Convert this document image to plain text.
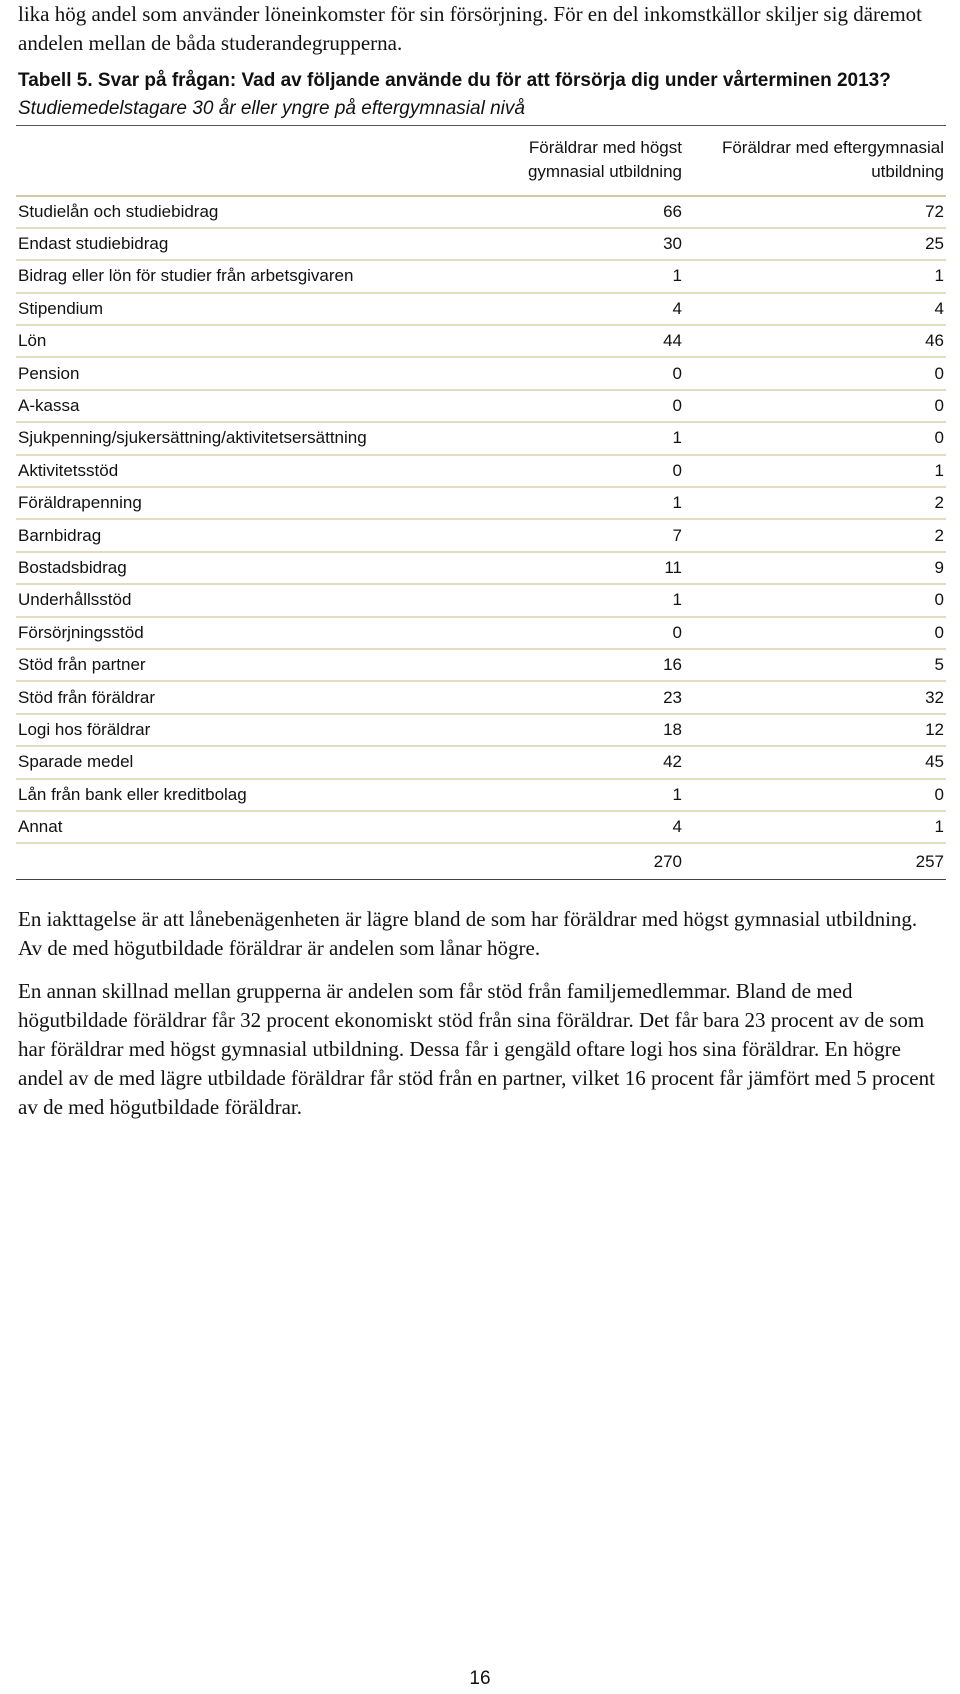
lika hög andel som använder löneinkomster för sin försörjning. För en del inkomstkällor skiljer sig däremot andelen mellan de båda studerandegrupperna.

Tabell 5. Svar på frågan: Vad av följande använde du för att försörja dig under vårterminen 2013?

Studiemedelstagare 30 år eller yngre på eftergymnasial nivå

	Föräldrar med högst gymnasial utbildning	Föräldrar med eftergymnasial utbildning
Studielån och studiebidrag	66	72
Endast studiebidrag	30	25
Bidrag eller lön för studier från arbetsgivaren	1	1
Stipendium	4	4
Lön	44	46
Pension	0	0
A-kassa	0	0
Sjukpenning/sjukersättning/aktivitetsersättning	1	0
Aktivitetsstöd	0	1
Föräldrapenning	1	2
Barnbidrag	7	2
Bostadsbidrag	11	9
Underhållsstöd	1	0
Försörjningsstöd	0	0
Stöd från partner	16	5
Stöd från föräldrar	23	32
Logi hos föräldrar	18	12
Sparade medel	42	45
Lån från bank eller kreditbolag	1	0
Annat	4	1
	270	257

En iakttagelse är att lånebenägenheten är lägre bland de som har föräldrar med högst gymnasial utbildning. Av de med högutbildade föräldrar är andelen som lånar högre.

En annan skillnad mellan grupperna är andelen som får stöd från familjemedlemmar. Bland de med högutbildade föräldrar får 32 procent ekonomiskt stöd från sina föräldrar. Det får bara 23 procent av de som har föräldrar med högst gymnasial utbildning. Dessa får i gengäld oftare logi hos sina föräldrar. En högre andel av de med lägre utbildade föräldrar får stöd från en partner, vilket 16 procent får jämfört med 5 procent av de med högutbildade föräldrar.

16
